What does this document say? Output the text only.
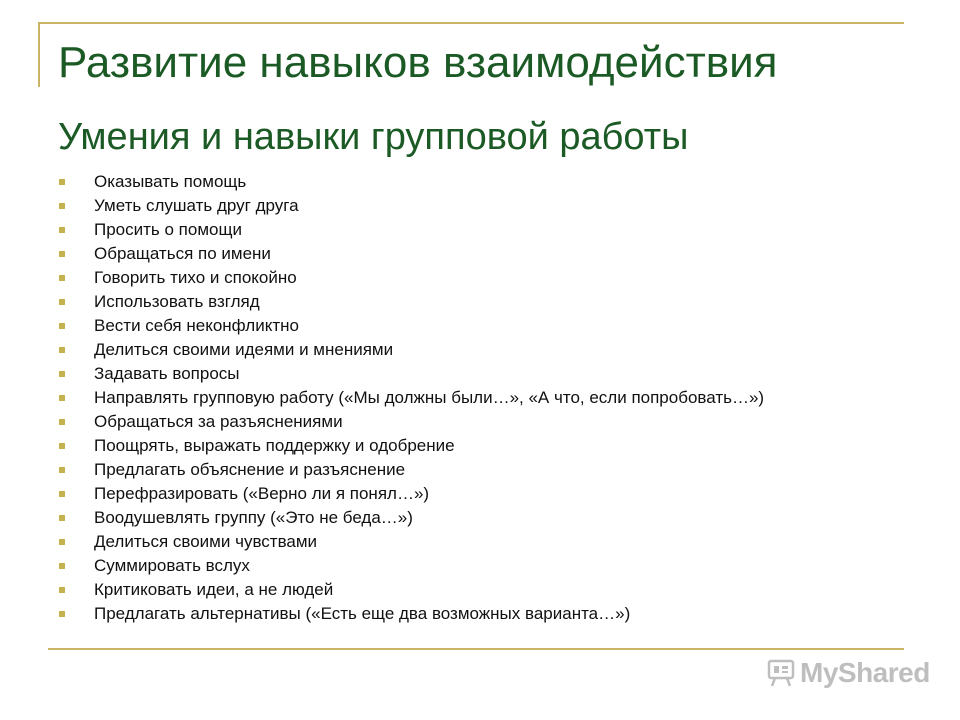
Развитие навыков взаимодействия
Умения и навыки групповой работы
Оказывать помощь
Уметь слушать друг друга
Просить о помощи
Обращаться по имени
Говорить тихо и спокойно
Использовать взгляд
Вести себя неконфликтно
Делиться своими идеями и мнениями
Задавать вопросы
Направлять групповую работу («Мы должны были…», «А что, если попробовать…»)
Обращаться за разъяснениями
Поощрять, выражать поддержку и одобрение
Предлагать объяснение и разъяснение
Перефразировать («Верно ли я понял…»)
Воодушевлять группу («Это не беда…»)
Делиться своими чувствами
Суммировать вслух
Критиковать идеи, а не людей
Предлагать альтернативы («Есть еще два возможных варианта…»)
MyShared
